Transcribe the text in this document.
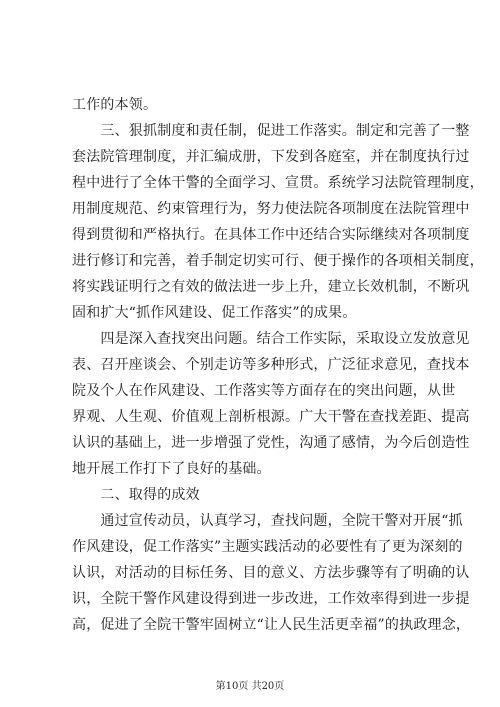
工作的本领。
　　三、狠抓制度和责任制，促进工作落实。制定和完善了一整
套法院管理制度，并汇编成册，下发到各庭室，并在制度执行过
程中进行了全体干警的全面学习、宣贯。系统学习法院管理制度，
用制度规范、约束管理行为，努力使法院各项制度在法院管理中
得到贯彻和严格执行。在具体工作中还结合实际继续对各项制度
进行修订和完善，着手制定切实可行、便于操作的各项相关制度，
将实践证明行之有效的做法进一步上升，建立长效机制，不断巩
固和扩大“抓作风建设、促工作落实”的成果。
　　四是深入查找突出问题。结合工作实际，采取设立发放意见
表、召开座谈会、个别走访等多种形式，广泛征求意见，查找本
院及个人在作风建设、工作落实等方面存在的突出问题，从世
界观、人生观、价值观上剖析根源。广大干警在查找差距、提高
认识的基础上，进一步增强了党性，沟通了感情，为今后创造性
地开展工作打下了良好的基础。
　　二、取得的成效
　　通过宣传动员，认真学习，查找问题，全院干警对开展“抓
作风建设，促工作落实”主题实践活动的必要性有了更为深刻的
认识，对活动的目标任务、目的意义、方法步骤等有了明确的认
识，全院干警作风建设得到进一步改进，工作效率得到进一步提
高，促进了全院干警牢固树立“让人民生活更幸福”的执政理念，
第10页 共20页
